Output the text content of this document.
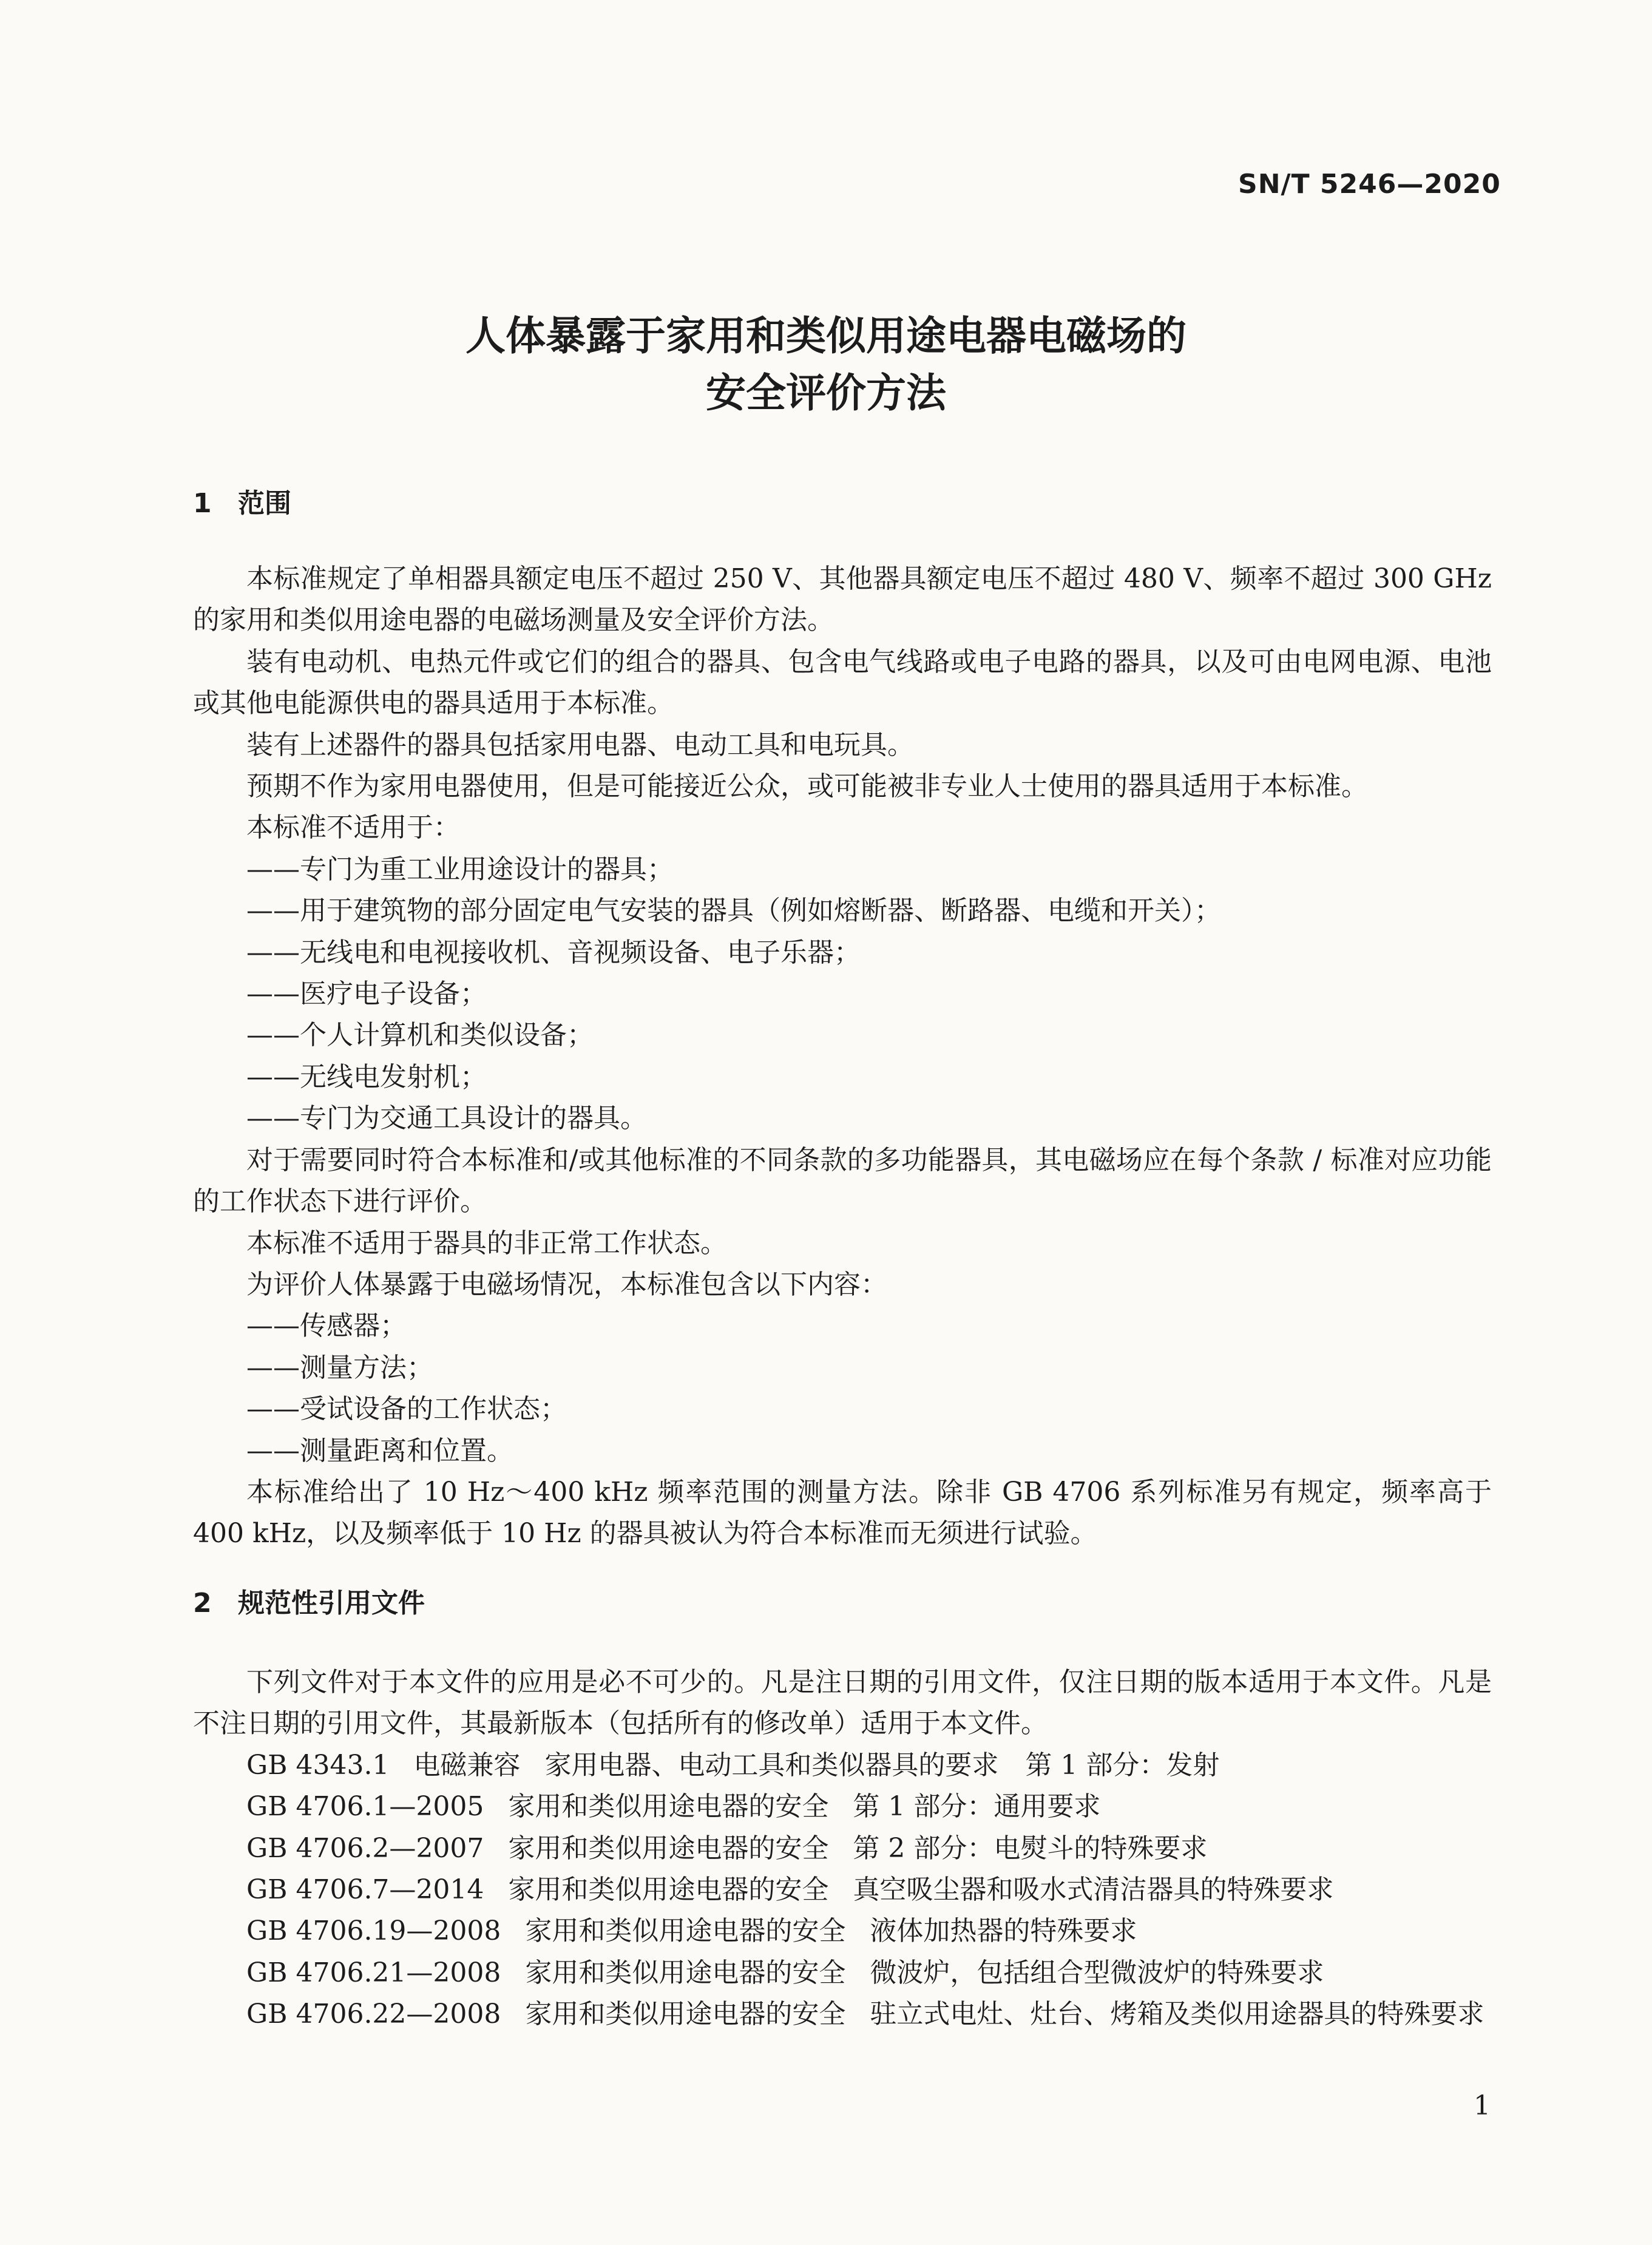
SN/T 5246—2020
人体暴露于家用和类似用途电器电磁场的
安全评价方法
1 范围

本标准规定了单相器具额定电压不超过 250 V、其他器具额定电压不超过 480 V、频率不超过 300 GHz 的家用和类似用途电器的电磁场测量及安全评价方法。

装有电动机、电热元件或它们的组合的器具、包含电气线路或电子电路的器具，以及可由电网电源、电池或其他电能源供电的器具适用于本标准。

装有上述器件的器具包括家用电器、电动工具和电玩具。

预期不作为家用电器使用，但是可能接近公众，或可能被非专业人士使用的器具适用于本标准。

本标准不适用于：

——专门为重工业用途设计的器具；

——用于建筑物的部分固定电气安装的器具（例如熔断器、断路器、电缆和开关）；

——无线电和电视接收机、音视频设备、电子乐器；

——医疗电子设备；

——个人计算机和类似设备；

——无线电发射机；

——专门为交通工具设计的器具。

对于需要同时符合本标准和/或其他标准的不同条款的多功能器具，其电磁场应在每个条款 / 标准对应功能的工作状态下进行评价。

本标准不适用于器具的非正常工作状态。

为评价人体暴露于电磁场情况，本标准包含以下内容：

——传感器；

——测量方法；

——受试设备的工作状态；

——测量距离和位置。

本标准给出了 10 Hz～400 kHz 频率范围的测量方法。除非 GB 4706 系列标准另有规定，频率高于 400 kHz，以及频率低于 10 Hz 的器具被认为符合本标准而无须进行试验。

2 规范性引用文件

下列文件对于本文件的应用是必不可少的。凡是注日期的引用文件，仅注日期的版本适用于本文件。凡是不注日期的引用文件，其最新版本（包括所有的修改单）适用于本文件。

GB 4343.1 电磁兼容 家用电器、电动工具和类似器具的要求　第 1 部分：发射
GB 4706.1—2005 家用和类似用途电器的安全 第 1 部分：通用要求
GB 4706.2—2007 家用和类似用途电器的安全 第 2 部分：电熨斗的特殊要求
GB 4706.7—2014 家用和类似用途电器的安全 真空吸尘器和吸水式清洁器具的特殊要求
GB 4706.19—2008 家用和类似用途电器的安全 液体加热器的特殊要求
GB 4706.21—2008 家用和类似用途电器的安全 微波炉，包括组合型微波炉的特殊要求
GB 4706.22—2008 家用和类似用途电器的安全 驻立式电灶、灶台、烤箱及类似用途器具的特殊要求
1
